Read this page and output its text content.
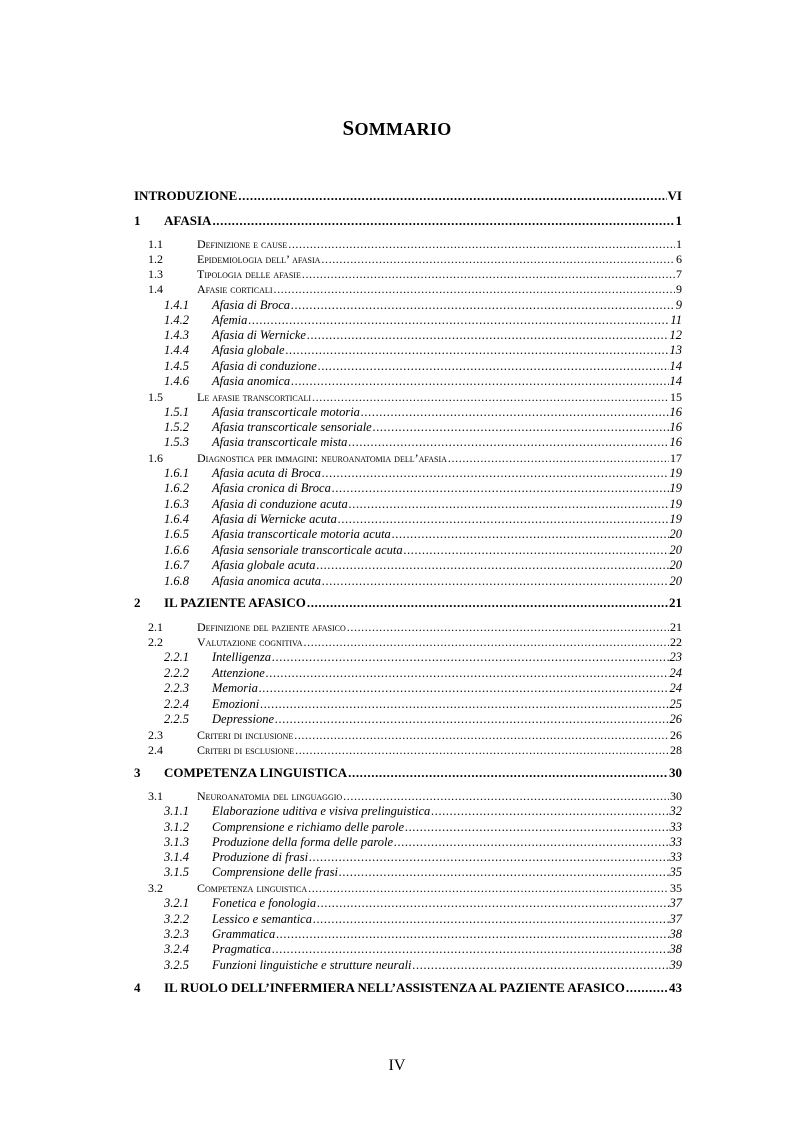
SOMMARIO
INTRODUZIONE .....	VI
1	AFASIA .....	1
1.1	Definizione e cause .....	1
1.2	Epidemiologia dell’ afasia .....	6
1.3	Tipologia delle afasie .....	7
1.4	Afasie corticali .....	9
1.4.1	Afasia di Broca .....	9
1.4.2	Afemia .....	11
1.4.3	Afasia di Wernicke .....	12
1.4.4	Afasia globale .....	13
1.4.5	Afasia di conduzione .....	14
1.4.6	Afasia anomica .....	14
1.5	Le afasie transcorticali .....	15
1.5.1	Afasia transcorticale motoria .....	16
1.5.2	Afasia transcorticale sensoriale .....	16
1.5.3	Afasia transcorticale mista .....	16
1.6	Diagnostica per immagini: neuroanatomia dell’afasia .....	17
1.6.1	Afasia acuta di Broca .....	19
1.6.2	Afasia cronica di Broca .....	19
1.6.3	Afasia di conduzione acuta .....	19
1.6.4	Afasia di Wernicke acuta .....	19
1.6.5	Afasia transcorticale motoria acuta .....	20
1.6.6	Afasia sensoriale transcorticale acuta .....	20
1.6.7	Afasia globale acuta .....	20
1.6.8	Afasia anomica acuta .....	20
2	IL PAZIENTE AFASICO .....	21
2.1	Definizione del paziente afasico .....	21
2.2	Valutazione cognitiva .....	22
2.2.1	Intelligenza .....	23
2.2.2	Attenzione .....	24
2.2.3	Memoria .....	24
2.2.4	Emozioni .....	25
2.2.5	Depressione .....	26
2.3	Criteri di inclusione .....	26
2.4	Criteri di esclusione .....	28
3	COMPETENZA LINGUISTICA .....	30
3.1	Neuroanatomia del linguaggio .....	30
3.1.1	Elaborazione uditiva e visiva prelinguistica .....	32
3.1.2	Comprensione e richiamo delle parole .....	33
3.1.3	Produzione della forma delle parole .....	33
3.1.4	Produzione di frasi .....	33
3.1.5	Comprensione delle frasi .....	35
3.2	Competenza linguistica .....	35
3.2.1	Fonetica e fonologia .....	37
3.2.2	Lessico e semantica .....	37
3.2.3	Grammatica .....	38
3.2.4	Pragmatica .....	38
3.2.5	Funzioni linguistiche e strutture neurali .....	39
4	IL RUOLO DELL’INFERMIERA NELL’ASSISTENZA AL PAZIENTE AFASICO .....	43
IV
